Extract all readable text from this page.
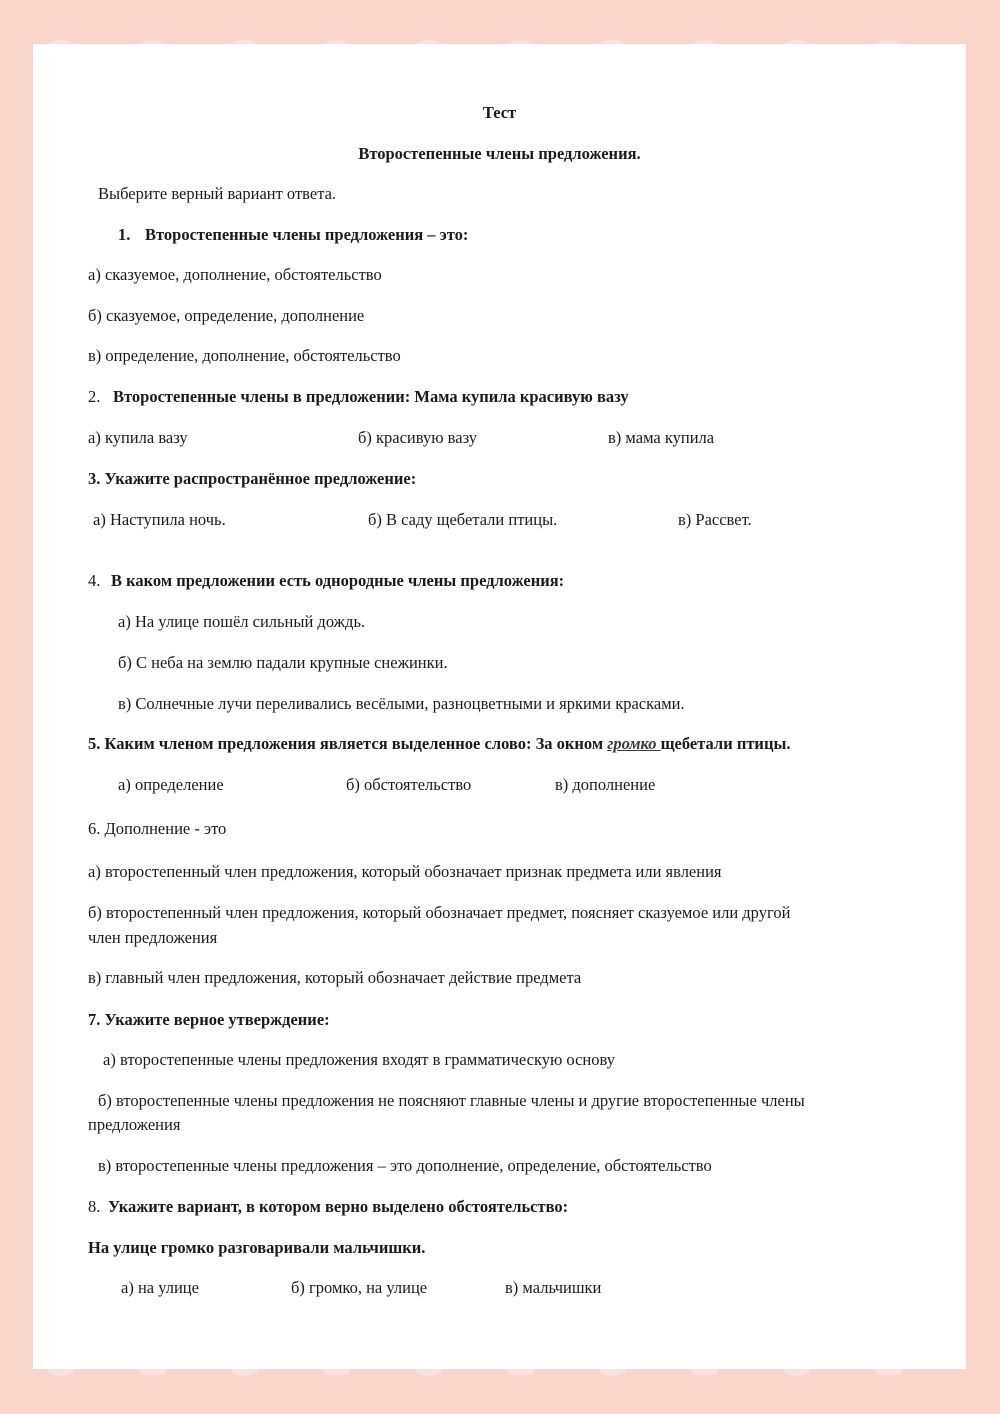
Тест
Второстепенные члены предложения.
Выберите верный вариант ответа.
1. Второстепенные члены предложения – это:
а) сказуемое, дополнение, обстоятельство
б) сказуемое, определение, дополнение
в) определение, дополнение, обстоятельство
2. Второстепенные члены в предложении: Мама купила красивую вазу
а) купила вазу	б) красивую вазу	в) мама купила
3. Укажите распространённое предложение:
а) Наступила ночь.	б) В саду щебетали птицы.	в) Рассвет.
4. В каком предложении есть однородные члены предложения:
а) На улице пошёл сильный дождь.
б) С неба на землю падали крупные снежинки.
в) Солнечные лучи переливались весёлыми, разноцветными и яркими красками.
5. Каким членом предложения является выделенное слово: За окном громко щебетали птицы.
а) определение	б) обстоятельство	в) дополнение
6. Дополнение - это
а) второстепенный член предложения, который обозначает признак предмета или явления
б) второстепенный член предложения, который обозначает предмет, поясняет сказуемое или другой
член предложения
в) главный член предложения, который обозначает действие предмета
7. Укажите верное утверждение:
а) второстепенные члены предложения входят в грамматическую основу
б) второстепенные члены предложения не поясняют главные члены и другие второстепенные члены
предложения
в) второстепенные члены предложения – это дополнение, определение, обстоятельство
8. Укажите вариант, в котором верно выделено обстоятельство:
На улице громко разговаривали мальчишки.
а) на улице	б) громко, на улице	в) мальчишки
